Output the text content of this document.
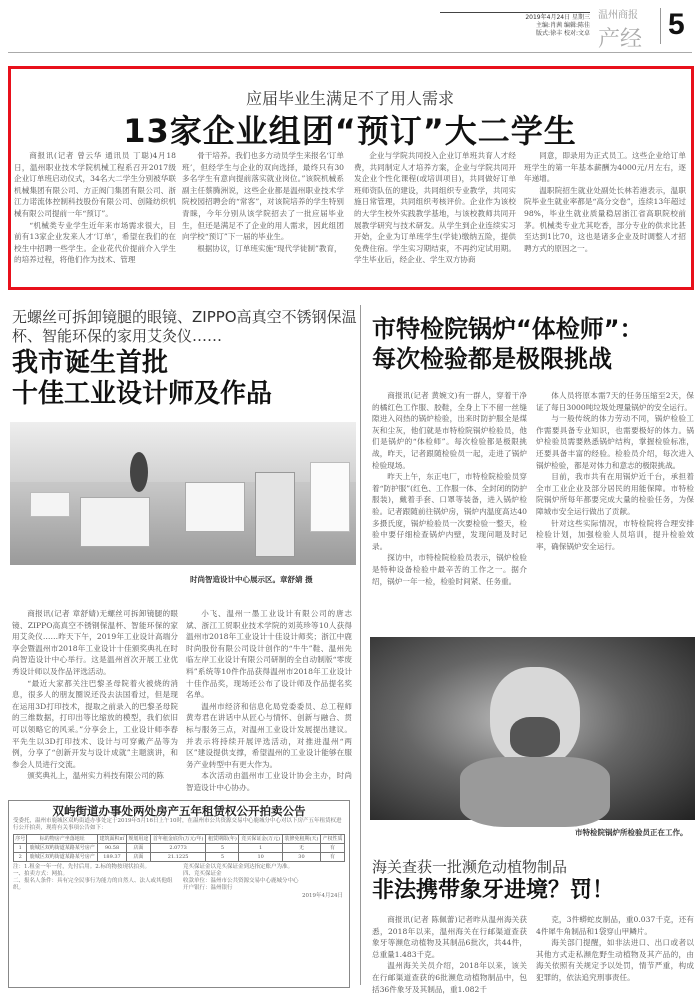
2019年4月24日 星期三
主编:肖茜 编辑:陈佳
版式:徐丰 校对:文卓
温州商报
产经 5
应届毕业生满足不了用人需求
13家企业组团“预订”大二学生

商报讯(记者 曾云华 通讯员 丁聪)4月18日，温州职业技术学院机械工程系召开2017级企业订单班启动仪式，34名大二学生分别被华联机械集团有限公司、方正阀门集团有限公司、浙江力诺流体控制科技股份有限公司、创隆纺织机械有限公司提前一年“预订”。

“机械类专业学生近年来市场需求很大，目前有13家企业发来人才‘订单’，希望在我们的在校生中招聘一些学生。企业花代价提前介入学生的培养过程，将他们作为技术、管理

骨干培养。我们也多方动员学生来报名‘订单班’，但经学生与企业的双向选择，最终只有30多名学生有意向提前落实就业岗位。”该院机械系副主任蔡腾洲说，这些企业都是温州职业技术学院校园招聘会的“常客”，对该院培养的学生特别青睐，今年分别从该学院招去了一批应届毕业生，但还是满足不了企业的用人需求，因此组团向学校“预订”下一届的毕业生。

根据协议，订单班实施“现代学徒制”教育，

企业与学院共同投入企业订单班共育人才经费，共同制定人才培养方案，企业与学院共同开发企业个性化课程(或培训项目)，共同做好订单班师资队伍的建设，共同组织专业教学，共同实施日常管理，共同组织考核评价。企业作为该校的大学生校外实践教学基地，与该校教师共同开展教学研究与技术研发。从学生到企业连续实习开始，企业为订单班学生(学徒)缴纳五险，提供免费住宿。学生实习期结束，不再约定试用期。学生毕业后，经企业、学生双方协商

同意，即录用为正式员工。这些企业给订单班学生的第一年基本薪酬为4000元/月左右，逐年递增。

温职院招生就业处副处长林若港表示，温职院毕业生就业率都是“高分交卷”，连续13年超过98%，毕业生就业质量稳居浙江省高职院校前茅。机械类专业尤其吃香，部分专业的供求比甚至达到1比70，这也是诸多企业及时调整人才招聘方式的原因之一。

无螺丝可拆卸镜腿的眼镜、ZIPPO高真空不锈钢保温杯、智能环保的家用艾灸仪……
我市诞生首批
十佳工业设计师及作品
时尚智造设计中心展示区。章舒婧 摄

商报讯(记者 章舒婧)无螺丝可拆卸镜腿的眼镜、ZIPPO高真空不锈钢保温杯、智能环保的家用艾灸仪……昨天下午，2019年工业设计高端分享会暨温州市2018年工业设计十佳颁奖典礼在时尚智造设计中心举行。这是温州首次开展工业优秀设计师以及作品评选活动。

“最近大家都关注巴黎圣母院着火被烧的消息，很多人的朋友圈说还没去法国看过，但是现在运用3D打印技术，提取之前录入的巴黎圣母院的三维数据，打印出等比缩放的模型，我们依旧可以领略它的风采。”分享会上，工业设计师李春平先生以3D打印技术、设计与可穿戴产品等为例，分享了“创新开发与设计成就”主题演讲，和参会人员进行交流。

颁奖典礼上，温州实力科技有限公司的陈

小飞、温州一墨工业设计有限公司的唐志斌、浙江工贸职业技术学院的刘英珍等10人获得温州市2018年工业设计十佳设计师奖；浙江中鹿时尚股份有限公司设计创作的“牛牛”鞋、温州先临左岸工业设计有限公司研制的全自动制版“零废料”系统等10件作品获得温州市2018年工业设计十佳作品奖，现场还公布了设计师及作品提名奖名单。

温州市经济和信息化局党委委员、总工程师黄寿君在讲话中从匠心与情怀、创新与融合、贯标与服务三点，对温州工业设计发展提出建议。并表示将持续开展评选活动，对推进温州“两区”建设提供支撑，希望温州的工业设计能够在服务产业转型中有更大作为。

本次活动由温州市工业设计协会主办，时尚智造设计中心协办。

双屿街道办事处两处房产五年租赁权公开拍卖公告
受委托，温州市鹿城区双屿街道办事处定于2019年5月16日上午10时，在温州市公共资源交易中心鹿城分中心对以下房产五年租赁权进行公开拍卖，现将有关事项公告如下：
序号	标的物房产坐落地址	建筑面积㎡	规划用途	首年租金底价(万元/年)	租赁期限(年)	竞买保证金(万元)	装修免租期(天)	产权性质
1	鹿城区双屿街道某路某号房产	90.58	店面	2.0773	5	1	无	有
2	鹿城区双屿街道某路某号房产	189.37	店面	21.1225	5	10	30	有
注：1.租金一年一付，先付后用。2.标的物按现状拍卖。
一、拍卖方式：网拍。
二、报名人条件：具有完全民事行为能力的自然人、法人或其他组织。
竞买保证金以竞买保证金到达指定账户为准。
四、竞买保证金
收款单位：温州市公共资源交易中心鹿城分中心
开户银行：温州银行
2019年4月24日
市特检院锅炉“体检师”：
每次检验都是极限挑战

商报讯(记者 黄婉文)有一群人，穿着干净的橘红色工作服、胶鞋，全身上下不留一丝缝隙进入闷热的锅炉检验，出来时防护服全是煤灰和尘灰，他们就是市特检院锅炉检验员，他们是锅炉的“体检师”。每次检验都是极限挑战，昨天，记者跟随检验员一起，走进了锅炉检验现场。

昨天上午，东正电厂，市特检院检验员穿着“防护服”(红色、工作服一体、全封闭的防护服装)，戴着手套、口罩等装备，进入锅炉检验。记者跟随前往锅炉房，锅炉内温度高达40多摄氏度，锅炉检验员一次要检验一整天，检验中要仔细检查锅炉内壁，发现问题及时记录。

探访中，市特检院检验员表示，锅炉检验是特种设备检验中最辛苦的工作之一。据介绍，锅炉一年一检，检验时间紧、任务重。

体人员将原本需7天的任务压缩至2天，保证了每日3000吨垃圾处理量锅炉的安全运行。

与一般传统的体力劳动不同，锅炉检验工作需要具备专业知识，也需要极好的体力。锅炉检验员需要熟悉锅炉结构，掌握检验标准，还要具备丰富的经验。检验员介绍，每次进入锅炉检验，都是对体力和意志的极限挑战。

目前，我市共有在用锅炉近千台，承担着全市工业企业及部分居民的用能保障。市特检院锅炉所每年都要完成大量的检验任务，为保障城市安全运行做出了贡献。

针对这些实际情况，市特检院将合理安排检验计划，加强检验人员培训，提升检验效率，确保锅炉安全运行。

市特检院锅炉所检验员正在工作。
海关查获一批濒危动植物制品
非法携带象牙进境？罚！

商报讯(记者 陈佩蕾)记者昨从温州海关获悉，2018年以来，温州海关在行邮渠道查获象牙等濒危动植物及其制品6批次，共44件，总重量1.483千克。

温州海关关员介绍，2018年以来，该关在行邮渠道查获的6批濒危动植物制品中，包括36件象牙及其制品，重1.082千

克，3件蟒蛇皮制品，重0.037千克，还有4件犀牛角制品和1袋穿山甲鳞片。

海关部门提醒，如非法进口、出口或者以其他方式走私濒危野生动植物及其产品的，由海关依照有关规定予以处罚，情节严重，构成犯罪的，依法追究刑事责任。
